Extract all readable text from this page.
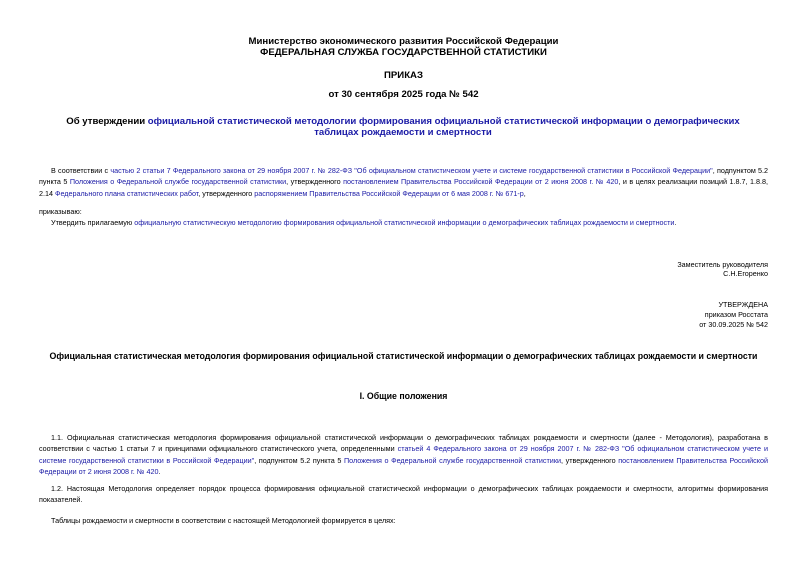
Министерство экономического развития Российской Федерации
ФЕДЕРАЛЬНАЯ СЛУЖБА ГОСУДАРСТВЕННОЙ СТАТИСТИКИ
ПРИКАЗ
от 30 сентября 2025 года № 542
Об утверждении официальной статистической методологии формирования официальной статистической информации о демографических таблицах рождаемости и смертности
В соответствии с частью 2 статьи 7 Федерального закона от 29 ноября 2007 г. № 282-ФЗ "Об официальном статистическом учете и системе государственной статистики в Российской Федерации", подпунктом 5.2 пункта 5 Положения о Федеральной службе государственной статистики, утвержденного постановлением Правительства Российской Федерации от 2 июня 2008 г. № 420, и в целях реализации позиций 1.8.7, 1.8.8, 2.14 Федерального плана статистических работ, утвержденного распоряжением Правительства Российской Федерации от 6 мая 2008 г. № 671-р,
приказываю:
Утвердить прилагаемую официальную статистическую методологию формирования официальной статистической информации о демографических таблицах рождаемости и смертности.
Заместитель руководителя
С.Н.Егоренко
УТВЕРЖДЕНА
приказом Росстата
от 30.09.2025 № 542
Официальная статистическая методология формирования официальной статистической информации о демографических таблицах рождаемости и смертности
I. Общие положения
1.1. Официальная статистическая методология формирования официальной статистической информации о демографических таблицах рождаемости и смертности (далее - Методология), разработана в соответствии с частью 1 статьи 7 и принципами официального статистического учета, определенными статьей 4 Федерального закона от 29 ноября 2007 г. № 282-ФЗ "Об официальном статистическом учете и системе государственной статистики в Российской Федерации", подпунктом 5.2 пункта 5 Положения о Федеральной службе государственной статистики, утвержденного постановлением Правительства Российской Федерации от 2 июня 2008 г. № 420.
1.2. Настоящая Методология определяет порядок процесса формирования официальной статистической информации о демографических таблицах рождаемости и смертности, алгоритмы формирования показателей.
Таблицы рождаемости и смертности в соответствии с настоящей Методологией формируется в целях:
